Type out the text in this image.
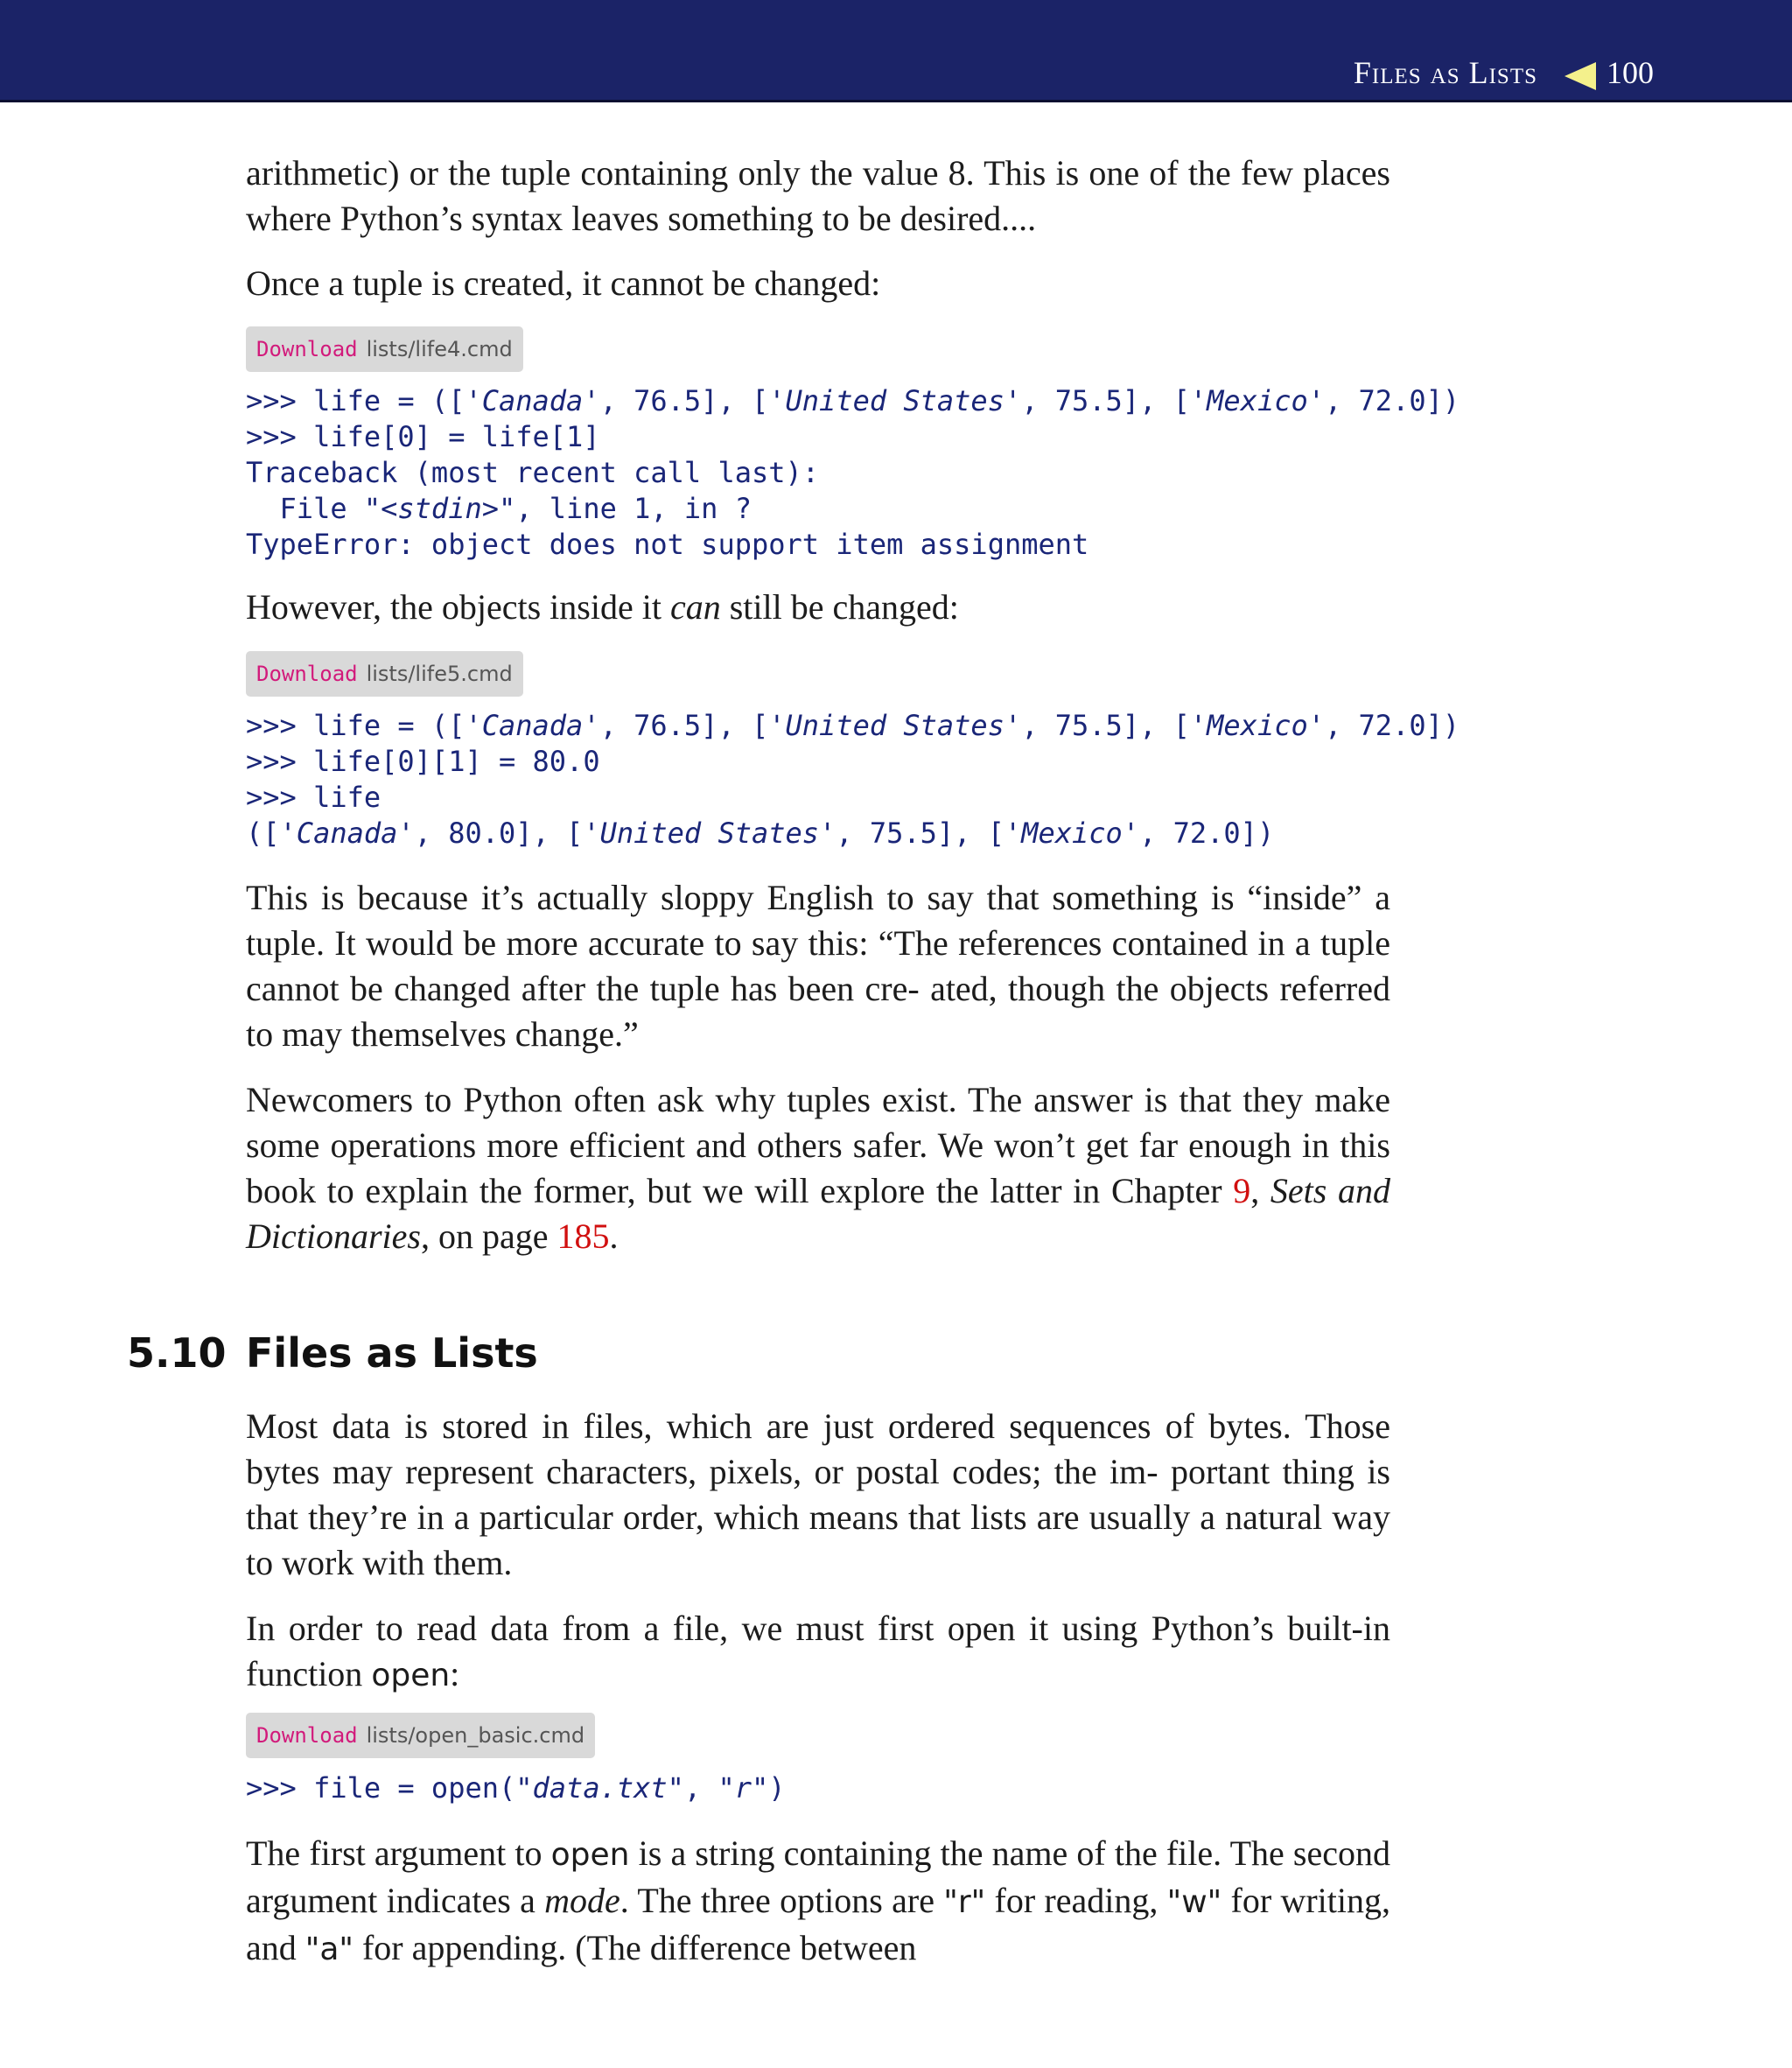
Files as Lists 100

arithmetic) or the tuple containing only the value 8. This is one of the few places where Python’s syntax leaves something to be desired....

Once a tuple is created, it cannot be changed:

Download lists/life4.cmd
>>> life = (['Canada', 76.5], ['United States', 75.5], ['Mexico', 72.0])
>>> life[0] = life[1]
Traceback (most recent call last):
File "<stdin>", line 1, in ?
TypeError: object does not support item assignment

However, the objects inside it can still be changed:

Download lists/life5.cmd
>>> life = (['Canada', 76.5], ['United States', 75.5], ['Mexico', 72.0])
>>> life[0][1] = 80.0
>>> life
(['Canada', 80.0], ['United States', 75.5], ['Mexico', 72.0])

This is because it’s actually sloppy English to say that something is “inside” a tuple. It would be more accurate to say this: “The references contained in a tuple cannot be changed after the tuple has been cre- ated, though the objects referred to may themselves change.”

Newcomers to Python often ask why tuples exist. The answer is that they make some operations more efficient and others safer. We won’t get far enough in this book to explain the former, but we will explore the latter in Chapter 9, Sets and Dictionaries, on page 185.

5.10 Files as Lists

Most data is stored in files, which are just ordered sequences of bytes. Those bytes may represent characters, pixels, or postal codes; the im- portant thing is that they’re in a particular order, which means that lists are usually a natural way to work with them.

In order to read data from a file, we must first open it using Python’s built-in function open:

Download lists/open_basic.cmd
>>> file = open("data.txt", "r")

The first argument to open is a string containing the name of the file. The second argument indicates a mode. The three options are "r" for reading, "w" for writing, and "a" for appending. (The difference between
